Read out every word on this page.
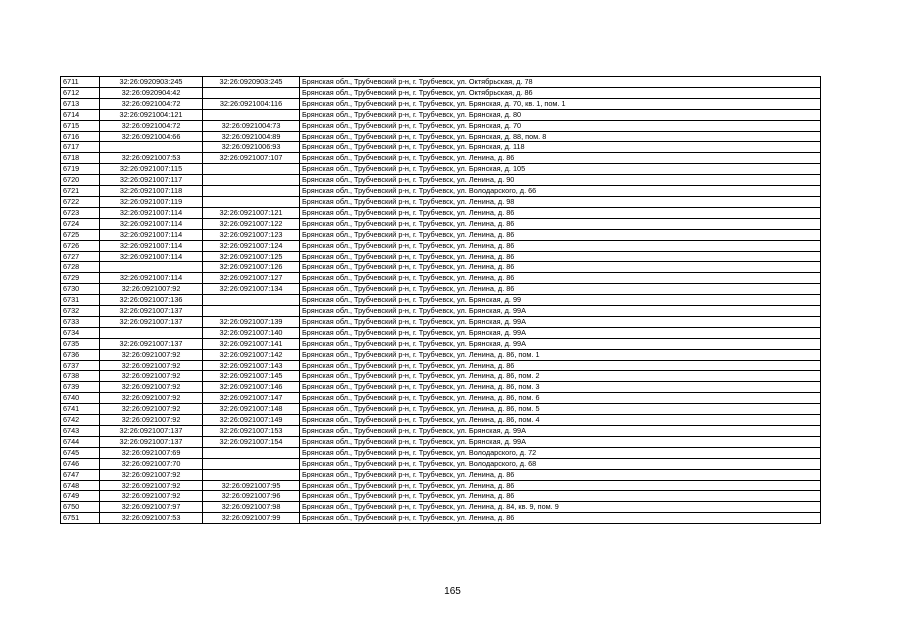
6711	32:26:0920903:245	32:26:0920903:245	Брянская обл., Трубчевский р-н, г. Трубчевск, ул. Октябрьская, д. 78
6712	32:26:0920904:42		Брянская обл., Трубчевский р-н, г. Трубчевск, ул. Октябрьская, д. 86
6713	32:26:0921004:72	32:26:0921004:116	Брянская обл., Трубчевский р-н, г. Трубчевск, ул. Брянская, д. 70, кв. 1, пом. 1
6714	32:26:0921004:121		Брянская обл., Трубчевский р-н, г. Трубчевск, ул. Брянская, д. 80
6715	32:26:0921004:72	32:26:0921004:73	Брянская обл., Трубчевский р-н, г. Трубчевск, ул. Брянская, д. 70
6716	32:26:0921004:66	32:26:0921004:89	Брянская обл., Трубчевский р-н, г. Трубчевск, ул. Брянская, д. 88, пом. 8
6717		32:26:0921006:93	Брянская обл., Трубчевский р-н, г. Трубчевск, ул. Брянская, д. 118
6718	32:26:0921007:53	32:26:0921007:107	Брянская обл., Трубчевский р-н, г. Трубчевск, ул. Ленина, д. 86
6719	32:26:0921007:115		Брянская обл., Трубчевский р-н, г. Трубчевск, ул. Брянская, д. 105
6720	32:26:0921007:117		Брянская обл., Трубчевский р-н, г. Трубчевск, ул. Ленина, д. 90
6721	32:26:0921007:118		Брянская обл., Трубчевский р-н, г. Трубчевск, ул. Володарского, д. 66
6722	32:26:0921007:119		Брянская обл., Трубчевский р-н, г. Трубчевск, ул. Ленина, д. 98
6723	32:26:0921007:114	32:26:0921007:121	Брянская обл., Трубчевский р-н, г. Трубчевск, ул. Ленина, д. 86
6724	32:26:0921007:114	32:26:0921007:122	Брянская обл., Трубчевский р-н, г. Трубчевск, ул. Ленина, д. 86
6725	32:26:0921007:114	32:26:0921007:123	Брянская обл., Трубчевский р-н, г. Трубчевск, ул. Ленина, д. 86
6726	32:26:0921007:114	32:26:0921007:124	Брянская обл., Трубчевский р-н, г. Трубчевск, ул. Ленина, д. 86
6727	32:26:0921007:114	32:26:0921007:125	Брянская обл., Трубчевский р-н, г. Трубчевск, ул. Ленина, д. 86
6728		32:26:0921007:126	Брянская обл., Трубчевский р-н, г. Трубчевск, ул. Ленина, д. 86
6729	32:26:0921007:114	32:26:0921007:127	Брянская обл., Трубчевский р-н, г. Трубчевск, ул. Ленина, д. 86
6730	32:26:0921007:92	32:26:0921007:134	Брянская обл., Трубчевский р-н, г. Трубчевск, ул. Ленина, д. 86
6731	32:26:0921007:136		Брянская обл., Трубчевский р-н, г. Трубчевск, ул. Брянская, д. 99
6732	32:26:0921007:137		Брянская обл., Трубчевский р-н, г. Трубчевск, ул. Брянская, д. 99А
6733	32:26:0921007:137	32:26:0921007:139	Брянская обл., Трубчевский р-н, г. Трубчевск, ул. Брянская, д. 99А
6734		32:26:0921007:140	Брянская обл., Трубчевский р-н, г. Трубчевск, ул. Брянская, д. 99А
6735	32:26:0921007:137	32:26:0921007:141	Брянская обл., Трубчевский р-н, г. Трубчевск, ул. Брянская, д. 99А
6736	32:26:0921007:92	32:26:0921007:142	Брянская обл., Трубчевский р-н, г. Трубчевск, ул. Ленина, д. 86, пом. 1
6737	32:26:0921007:92	32:26:0921007:143	Брянская обл., Трубчевский р-н, г. Трубчевск, ул. Ленина, д. 86
6738	32:26:0921007:92	32:26:0921007:145	Брянская обл., Трубчевский р-н, г. Трубчевск, ул. Ленина, д. 86, пом. 2
6739	32:26:0921007:92	32:26:0921007:146	Брянская обл., Трубчевский р-н, г. Трубчевск, ул. Ленина, д. 86, пом. 3
6740	32:26:0921007:92	32:26:0921007:147	Брянская обл., Трубчевский р-н, г. Трубчевск, ул. Ленина, д. 86, пом. 6
6741	32:26:0921007:92	32:26:0921007:148	Брянская обл., Трубчевский р-н, г. Трубчевск, ул. Ленина, д. 86, пом. 5
6742	32:26:0921007:92	32:26:0921007:149	Брянская обл., Трубчевский р-н, г. Трубчевск, ул. Ленина, д. 86, пом. 4
6743	32:26:0921007:137	32:26:0921007:153	Брянская обл., Трубчевский р-н, г. Трубчевск, ул. Брянская, д. 99А
6744	32:26:0921007:137	32:26:0921007:154	Брянская обл., Трубчевский р-н, г. Трубчевск, ул. Брянская, д. 99А
6745	32:26:0921007:69		Брянская обл., Трубчевский р-н, г. Трубчевск, ул. Володарского, д. 72
6746	32:26:0921007:70		Брянская обл., Трубчевский р-н, г. Трубчевск, ул. Володарского, д. 68
6747	32:26:0921007:92		Брянская обл., Трубчевский р-н, г. Трубчевск, ул. Ленина, д. 86
6748	32:26:0921007:92	32:26:0921007:95	Брянская обл., Трубчевский р-н, г. Трубчевск, ул. Ленина, д. 86
6749	32:26:0921007:92	32:26:0921007:96	Брянская обл., Трубчевский р-н, г. Трубчевск, ул. Ленина, д. 86
6750	32:26:0921007:97	32:26:0921007:98	Брянская обл., Трубчевский р-н, г. Трубчевск, ул. Ленина, д. 84, кв. 9, пом. 9
6751	32:26:0921007:53	32:26:0921007:99	Брянская обл., Трубчевский р-н, г. Трубчевск, ул. Ленина, д. 86
165
